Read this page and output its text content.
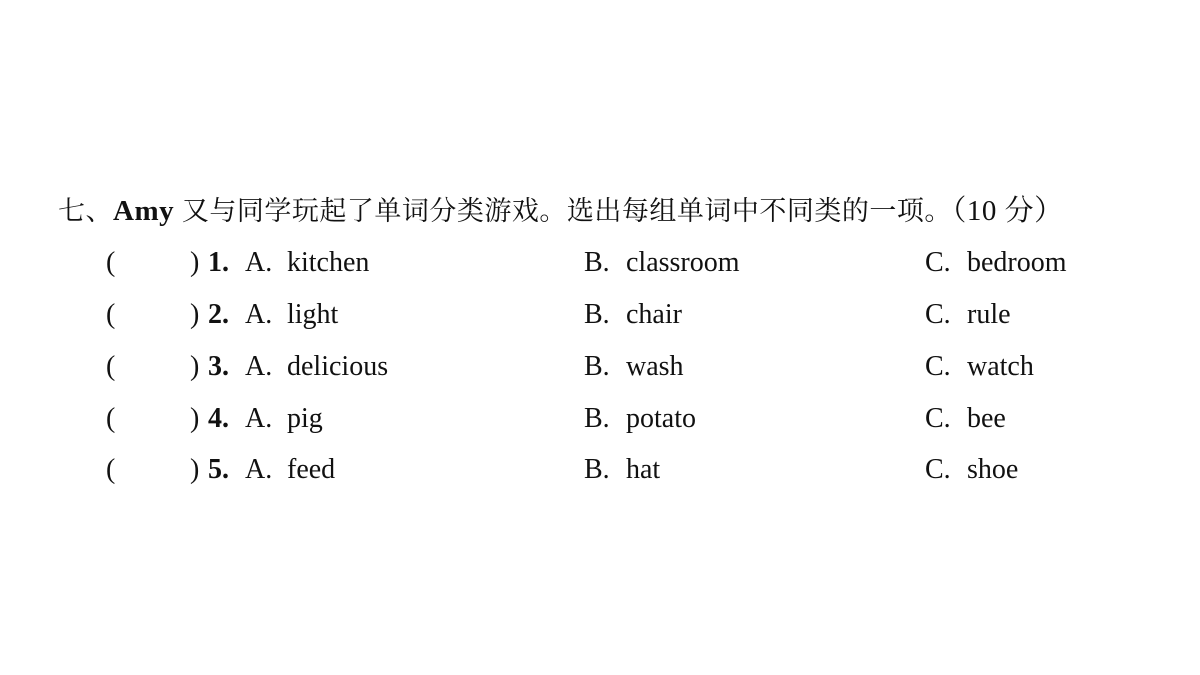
七、Amy 又与同学玩起了单词分类游戏。选出每组单词中不同类的一项。（10 分）
(	) 1. A. kitchen	B. classroom	C. bedroom
(	) 2. A. light	B. chair	C. rule
(	) 3. A. delicious	B. wash	C. watch
(	) 4. A. pig	B. potato	C. bee
(	) 5. A. feed	B. hat	C. shoe
